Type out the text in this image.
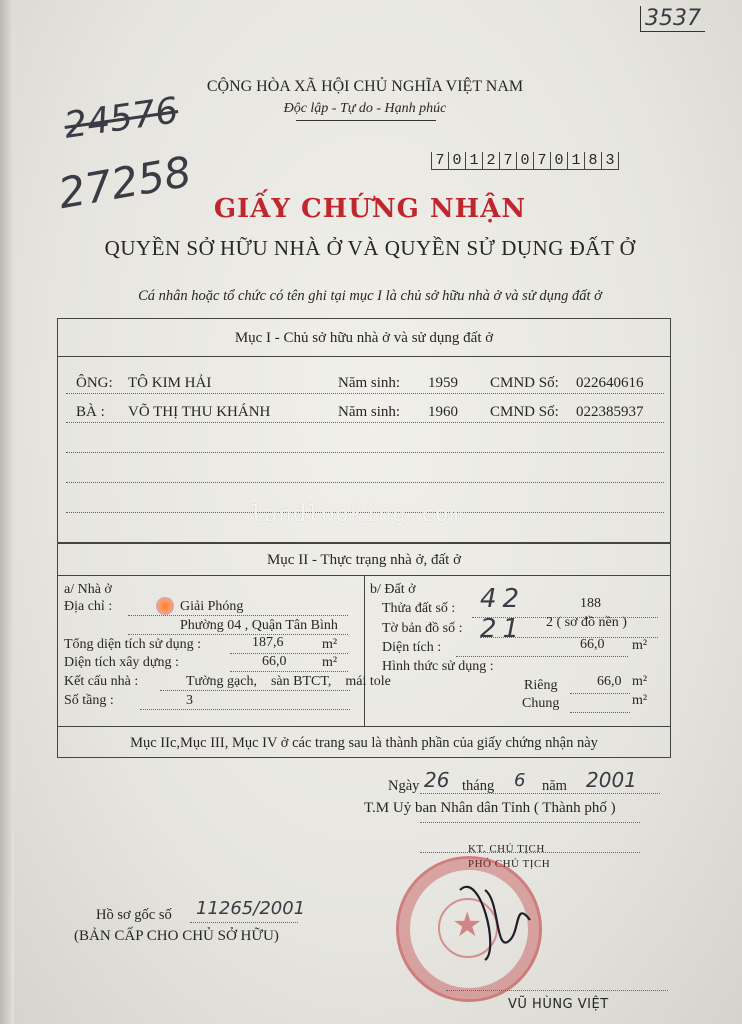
3537
24576
27258
CỘNG HÒA XÃ HỘI CHỦ NGHĨA VIỆT NAM
Độc lập - Tự do - Hạnh phúc
7 0 1 2 7 0 7 0 1 8 3
GIẤY CHỨNG NHẬN
QUYỀN SỞ HỮU NHÀ Ở VÀ QUYỀN SỬ DỤNG ĐẤT Ở
Cá nhân hoặc tổ chức có tên ghi tại mục I là chủ sở hữu nhà ở và sử dụng đất ở
Mục I - Chủ sở hữu nhà ở và sử dụng đất ở
ÔNG: TÔ KIM HẢI	Năm sinh: 1959 CMND Số: 022640616
BÀ : VÕ THỊ THU KHÁNH	Năm sinh: 1960 CMND Số: 022385937
landlooking.com
Mục II - Thực trạng nhà ở, đất ở
Mục IIc,Mục III, Mục IV ở các trang sau là thành phần của giấy chứng nhận này
a/ Nhà ở
Địa chỉ :	Giải Phóng
Phường 04 , Quận Tân Bình
Tổng diện tích sử dụng :	187,6	m²
Diện tích xây dựng :	66,0	m²
Kết cấu nhà :	Tường gạch,    sàn BTCT,    mái tole
Số tầng :	3
b/ Đất ở
Thửa đất số : 42	188
Tờ bản đồ số : 21 2 ( sơ đồ nền )
Diện tích :	66,0 m²
Hình thức sử dụng :
Riêng	66,0 m²
Chung	m²
Ngày 26 tháng 6 năm 2001
T.M Uỷ ban Nhân dân Tỉnh ( Thành phố )
KT. CHỦ TỊCH
PHÓ CHỦ TỊCH
★
VŨ HÙNG VIỆT
Hồ sơ gốc số 11265/2001
(BẢN CẤP CHO CHỦ SỞ HỮU)
